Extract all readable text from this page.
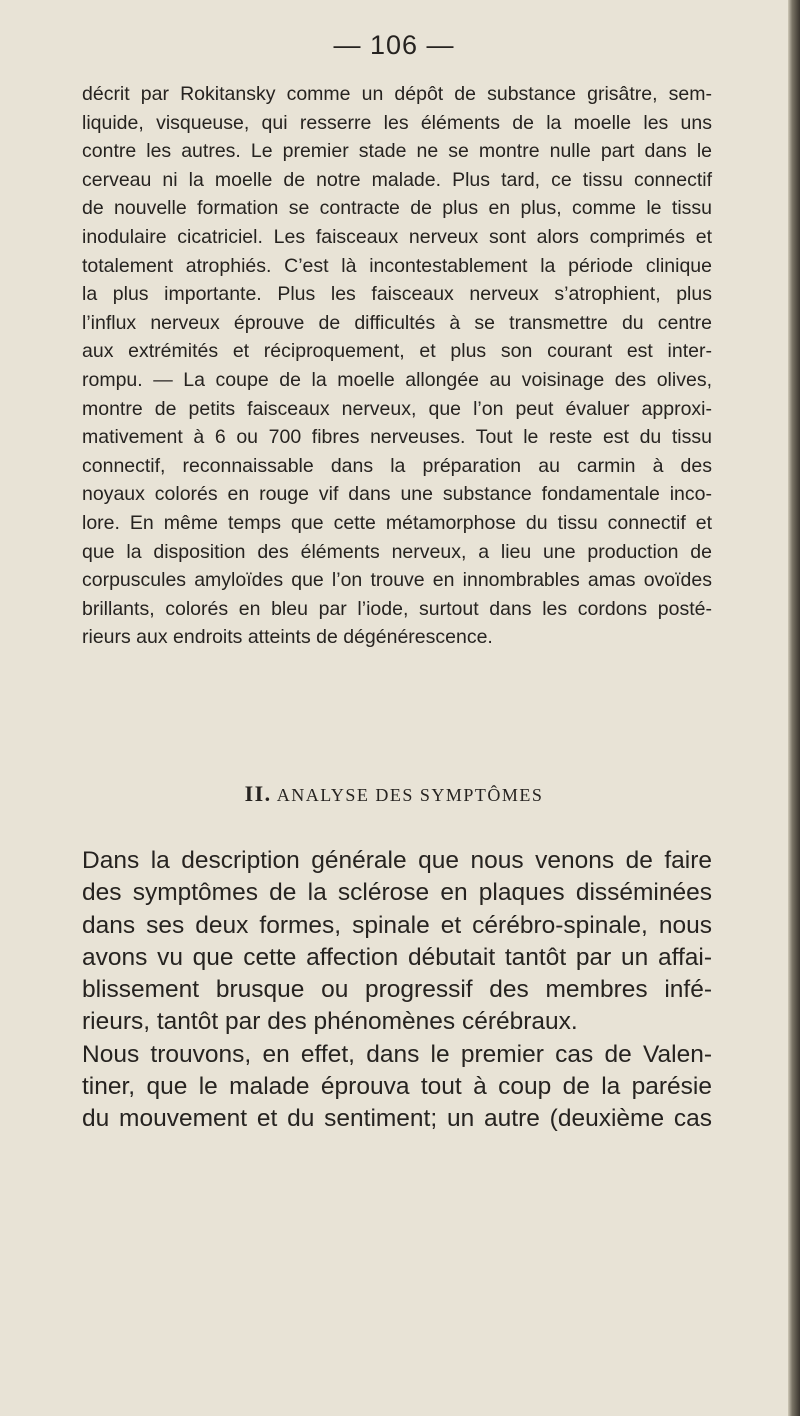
— 106 —
décrit par Rokitansky comme un dépôt de substance grisâtre, sem-
liquide, visqueuse, qui resserre les éléments de la moelle les uns
contre les autres. Le premier stade ne se montre nulle part dans le
cerveau ni la moelle de notre malade. Plus tard, ce tissu connectif
de nouvelle formation se contracte de plus en plus, comme le tissu
inodulaire cicatriciel. Les faisceaux nerveux sont alors comprimés et
totalement atrophiés. C’est là incontestablement la période clinique
la plus importante. Plus les faisceaux nerveux s’atrophient, plus
l’influx nerveux éprouve de difficultés à se transmettre du centre
aux extrémités et réciproquement, et plus son courant est inter-
rompu. — La coupe de la moelle allongée au voisinage des olives,
montre de petits faisceaux nerveux, que l’on peut évaluer approxi-
mativement à 6 ou 700 fibres nerveuses. Tout le reste est du tissu
connectif, reconnaissable dans la préparation au carmin à des
noyaux colorés en rouge vif dans une substance fondamentale inco-
lore. En même temps que cette métamorphose du tissu connectif et
que la disposition des éléments nerveux, a lieu une production de
corpuscules amyloïdes que l’on trouve en innombrables amas ovoïdes
brillants, colorés en bleu par l’iode, surtout dans les cordons posté-
rieurs aux endroits atteints de dégénérescence.
II. ANALYSE DES SYMPTÔMES
Dans la description générale que nous venons de faire
des symptômes de la sclérose en plaques disséminées
dans ses deux formes, spinale et cérébro-spinale, nous
avons vu que cette affection débutait tantôt par un affai-
blissement brusque ou progressif des membres infé-
rieurs, tantôt par des phénomènes cérébraux.
Nous trouvons, en effet, dans le premier cas de Valen-
tiner, que le malade éprouva tout à coup de la parésie
du mouvement et du sentiment; un autre (deuxième cas
